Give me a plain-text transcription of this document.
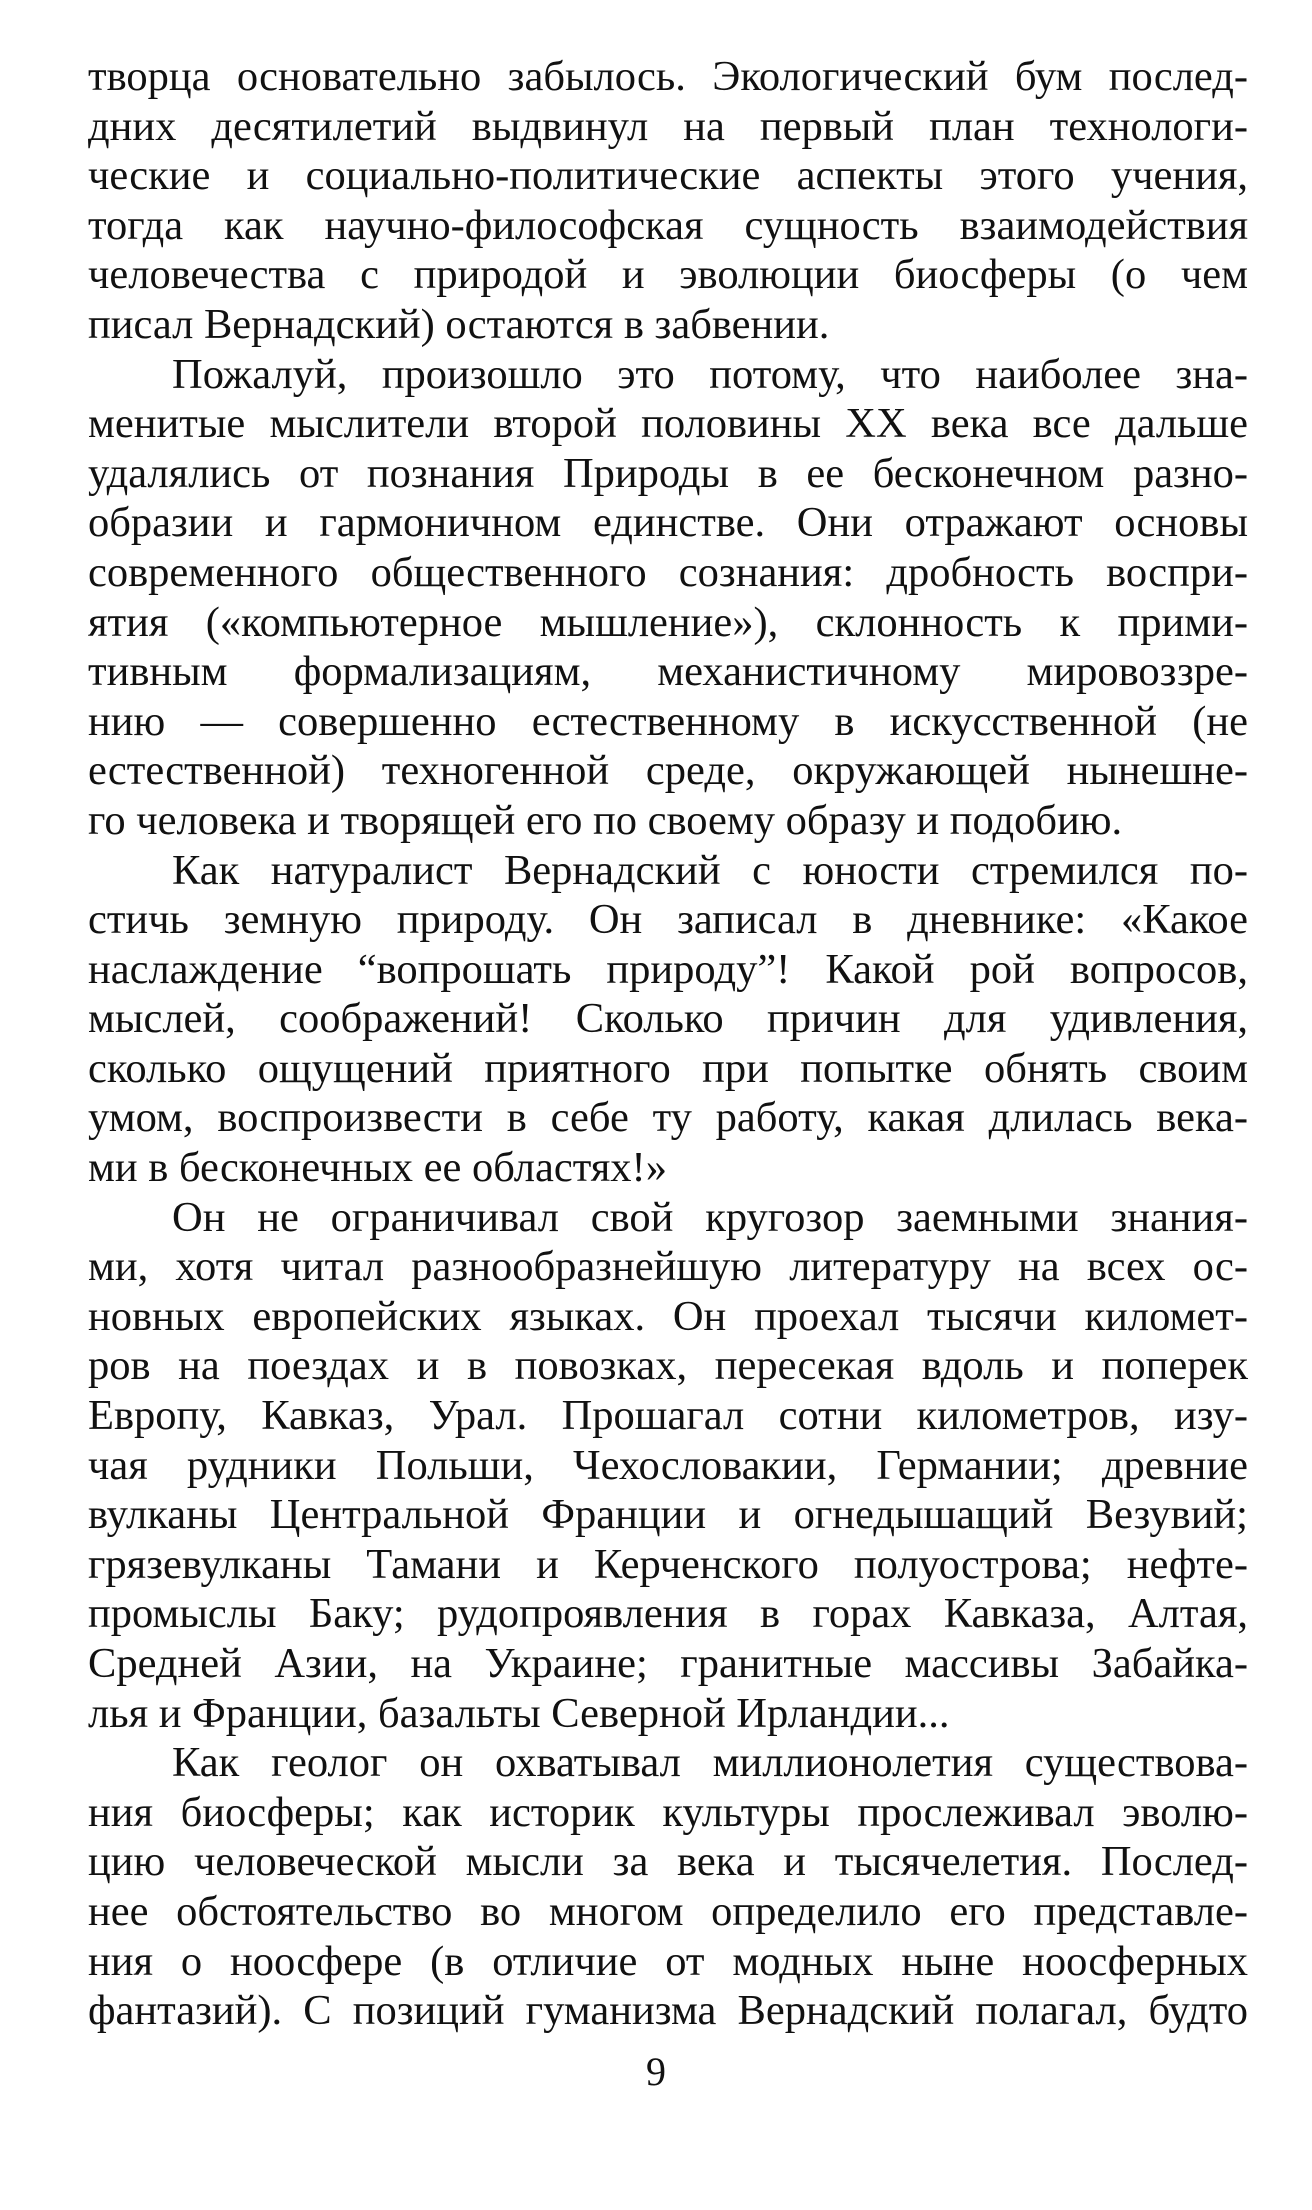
творца основательно забылось. Экологический бум послед-
дних десятилетий выдвинул на первый план технологи-
ческие и социально-политические аспекты этого учения,
тогда как научно-философская сущность взаимодействия
человечества с природой и эволюции биосферы (о чем
писал Вернадский) остаются в забвении.
Пожалуй, произошло это потому, что наиболее зна-
менитые мыслители второй половины XX века все дальше
удалялись от познания Природы в ее бесконечном разно-
образии и гармоничном единстве. Они отражают основы
современного общественного сознания: дробность воспри-
ятия («компьютерное мышление»), склонность к прими-
тивным формализациям, механистичному мировоззре-
нию — совершенно естественному в искусственной (не
естественной) техногенной среде, окружающей нынешне-
го человека и творящей его по своему образу и подобию.
Как натуралист Вернадский с юности стремился по-
стичь земную природу. Он записал в дневнике: «Какое
наслаждение “вопрошать природу”! Какой рой вопросов,
мыслей, соображений! Сколько причин для удивления,
сколько ощущений приятного при попытке обнять своим
умом, воспроизвести в себе ту работу, какая длилась века-
ми в бесконечных ее областях!»
Он не ограничивал свой кругозор заемными знания-
ми, хотя читал разнообразнейшую литературу на всех ос-
новных европейских языках. Он проехал тысячи километ-
ров на поездах и в повозках, пересекая вдоль и поперек
Европу, Кавказ, Урал. Прошагал сотни километров, изу-
чая рудники Польши, Чехословакии, Германии; древние
вулканы Центральной Франции и огнедышащий Везувий;
грязевулканы Тамани и Керченского полуострова; нефте-
промыслы Баку; рудопроявления в горах Кавказа, Алтая,
Средней Азии, на Украине; гранитные массивы Забайка-
лья и Франции, базальты Северной Ирландии...
Как геолог он охватывал миллионолетия существова-
ния биосферы; как историк культуры прослеживал эволю-
цию человеческой мысли за века и тысячелетия. Послед-
нее обстоятельство во многом определило его представле-
ния о ноосфере (в отличие от модных ныне ноосферных
фантазий). С позиций гуманизма Вернадский полагал, будто
9
